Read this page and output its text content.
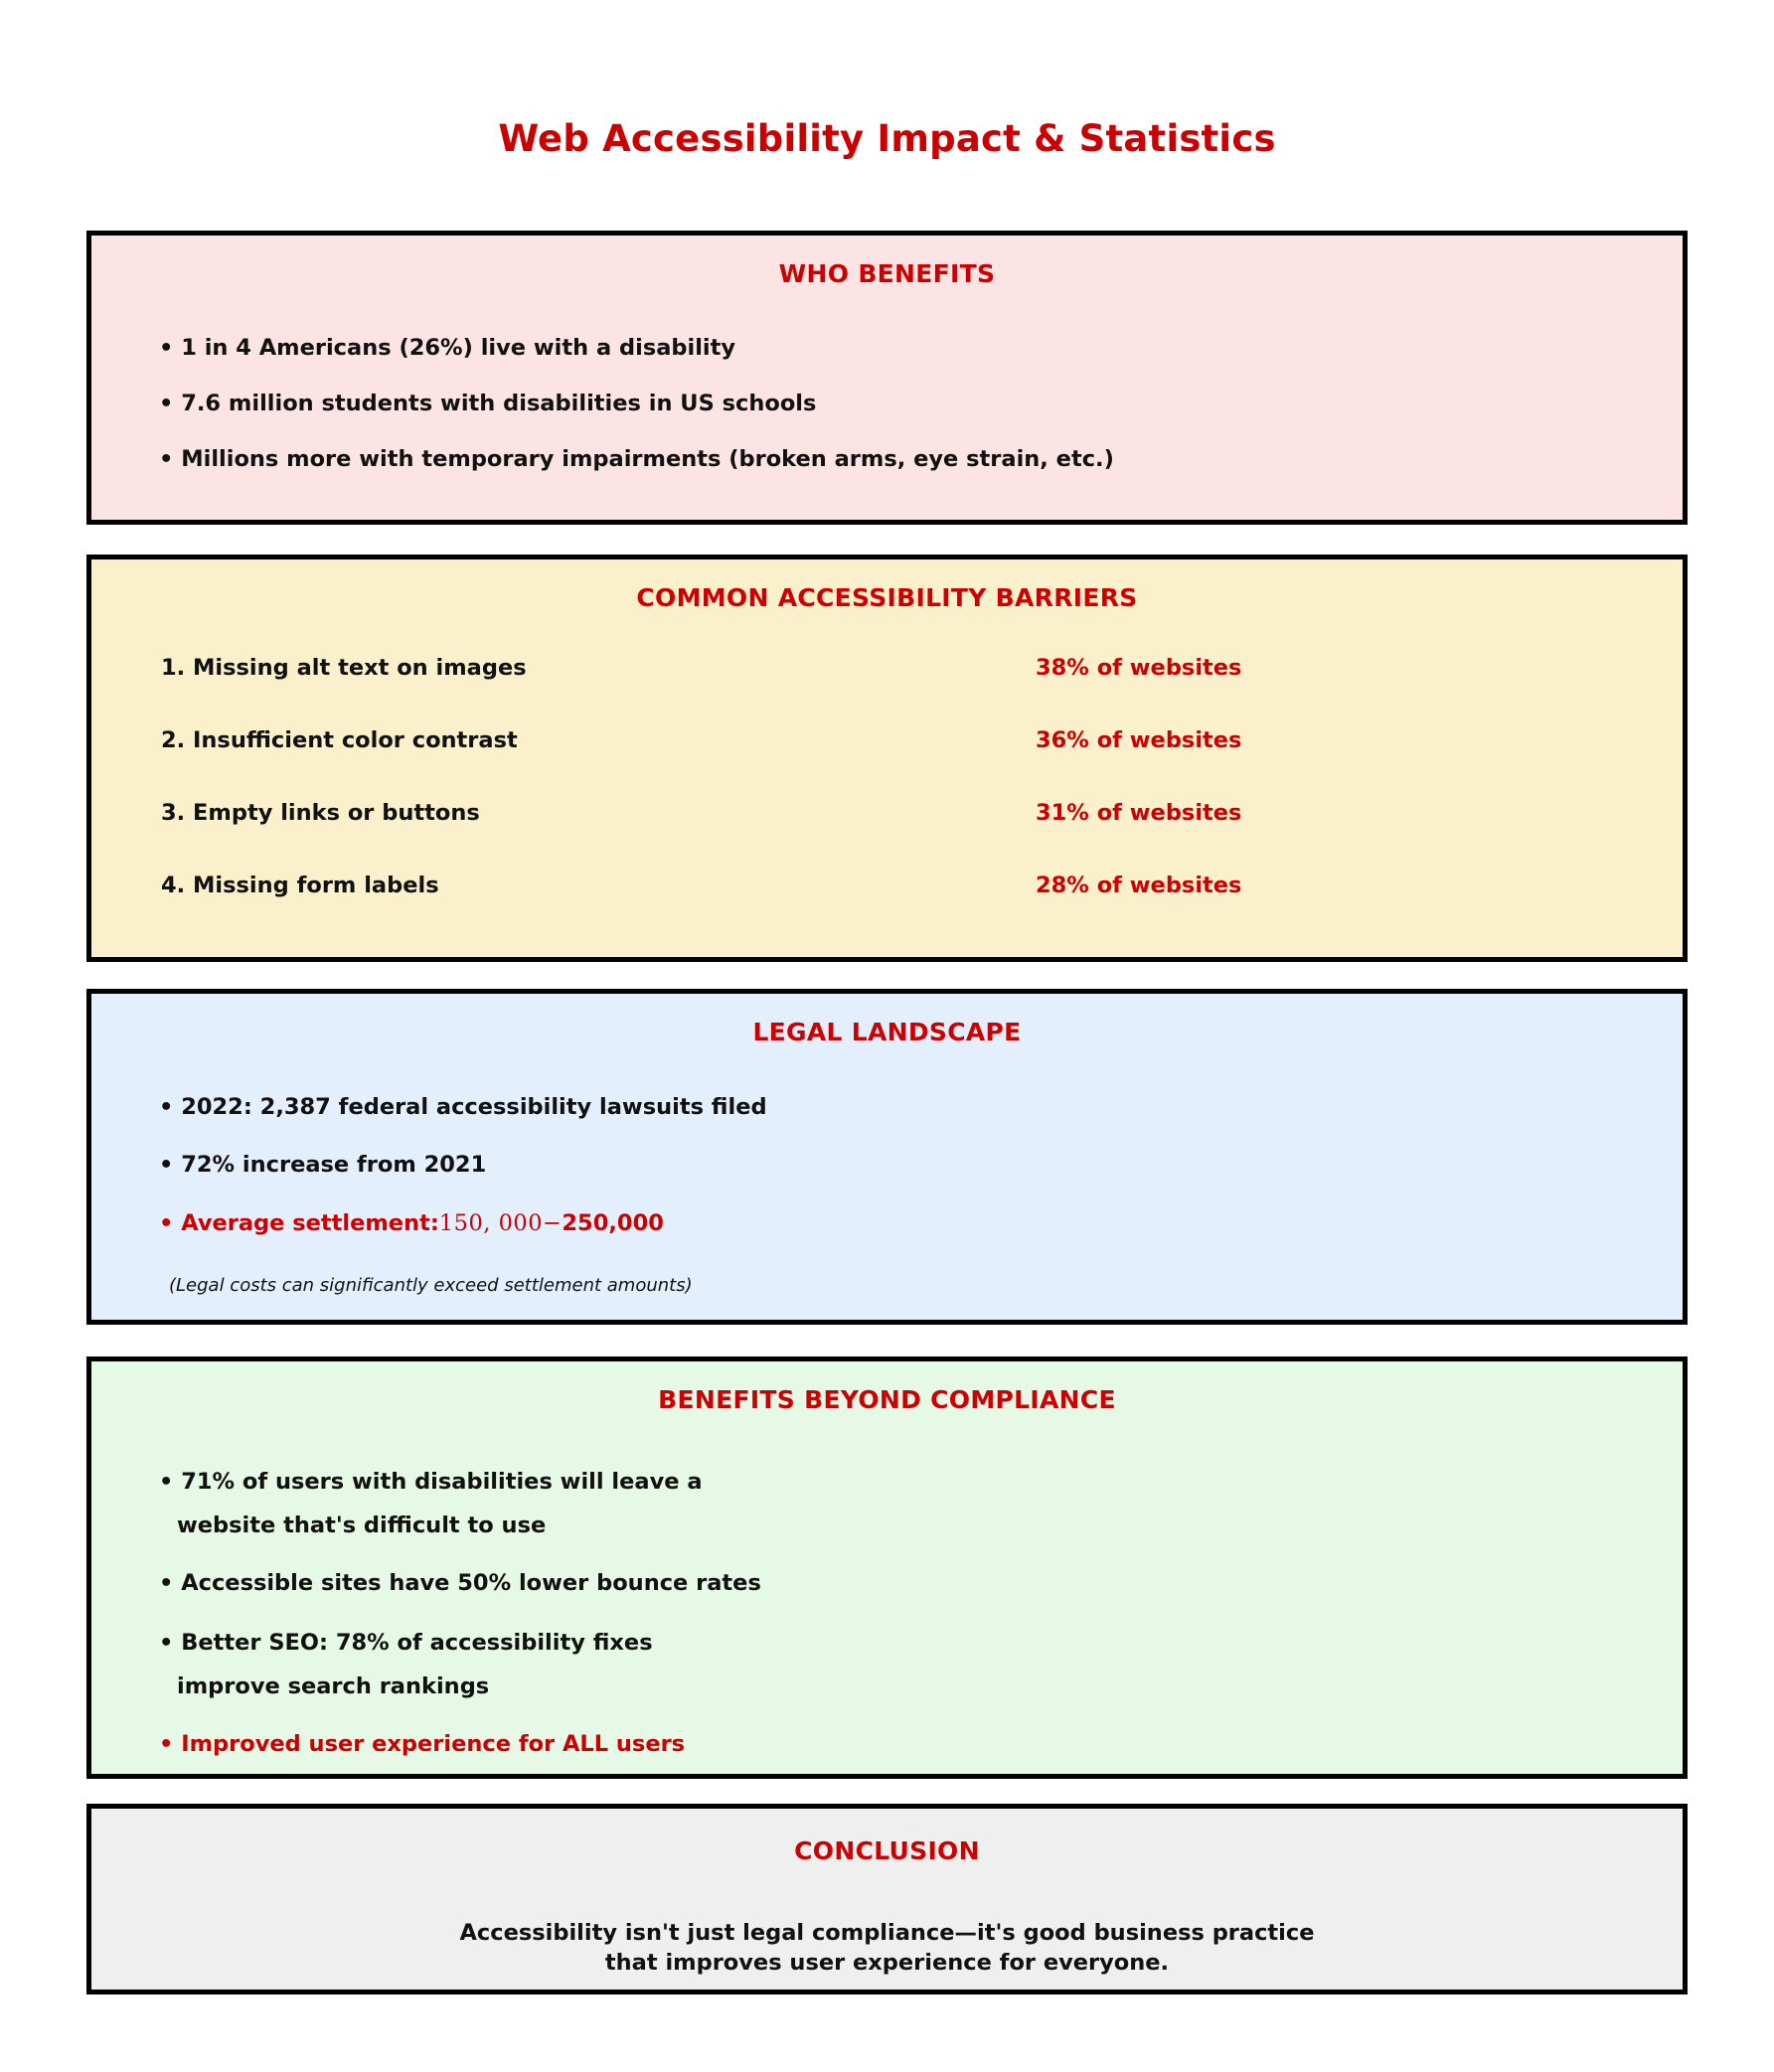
Web Accessibility Impact & Statistics
WHO BENEFITS
• 1 in 4 Americans (26%) live with a disability
• 7.6 million students with disabilities in US schools
• Millions more with temporary impairments (broken arms, eye strain, etc.)
COMMON ACCESSIBILITY BARRIERS
1. Missing alt text on images	38% of websites
2. Insufficient color contrast	36% of websites
3. Empty links or buttons	31% of websites
4. Missing form labels	28% of websites
LEGAL LANDSCAPE
• 2022: 2,387 federal accessibility lawsuits filed
• 72% increase from 2021
• Average settlement:150, 000−250,000
(Legal costs can significantly exceed settlement amounts)
BENEFITS BEYOND COMPLIANCE
• 71% of users with disabilities will leave a
website that's difficult to use
• Accessible sites have 50% lower bounce rates
• Better SEO: 78% of accessibility fixes
improve search rankings
• Improved user experience for ALL users
CONCLUSION
Accessibility isn't just legal compliance—it's good business practice
that improves user experience for everyone.
